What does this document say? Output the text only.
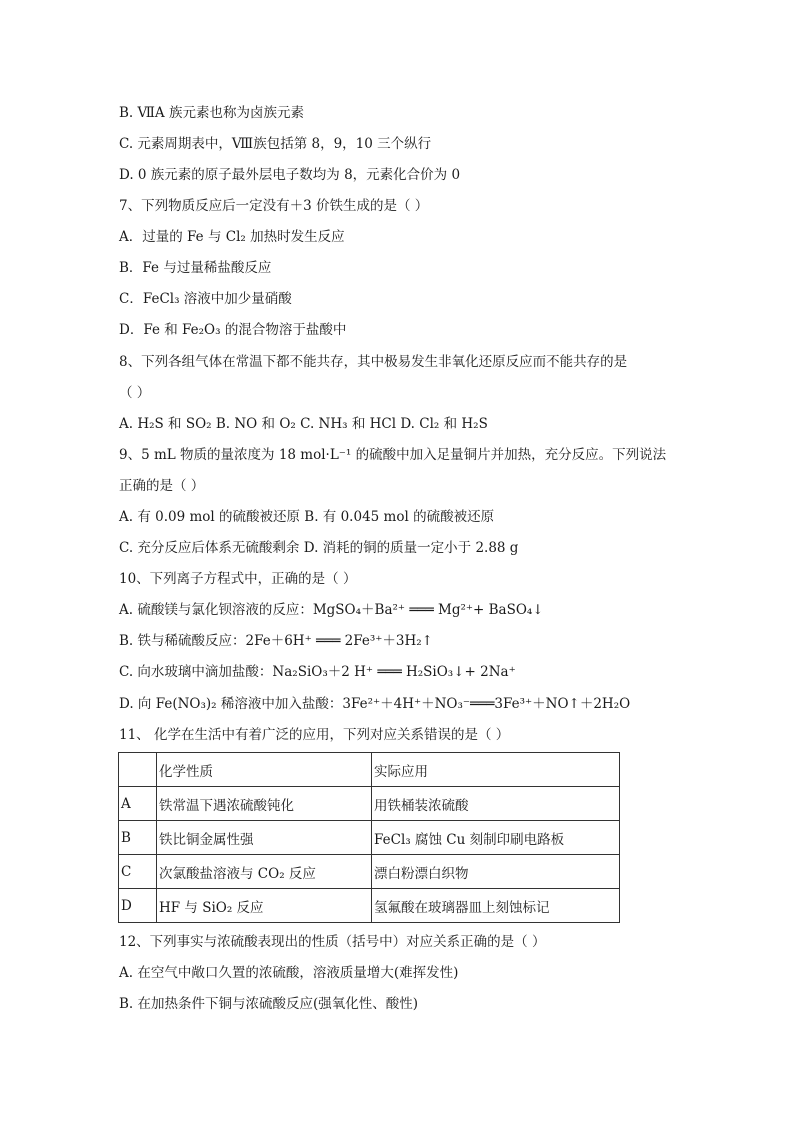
B. ⅦA 族元素也称为卤族元素
C. 元素周期表中，Ⅷ族包括第 8，9，10 三个纵行
D. 0 族元素的原子最外层电子数均为 8，元素化合价为 0
7、下列物质反应后一定没有＋3 价铁生成的是（ ）
A．过量的 Fe 与 Cl₂ 加热时发生反应
B．Fe 与过量稀盐酸反应
C．FeCl₃ 溶液中加少量硝酸
D．Fe 和 Fe₂O₃ 的混合物溶于盐酸中
8、下列各组气体在常温下都不能共存，其中极易发生非氧化还原反应而不能共存的是
（ ）
A. H₂S 和 SO₂ B. NO 和 O₂ C. NH₃ 和 HCl D. Cl₂ 和 H₂S
9、5 mL 物质的量浓度为 18 mol·L⁻¹ 的硫酸中加入足量铜片并加热，充分反应。下列说法
正确的是（ ）
A. 有 0.09 mol 的硫酸被还原 B. 有 0.045 mol 的硫酸被还原
C. 充分反应后体系无硫酸剩余 D. 消耗的铜的质量一定小于 2.88 g
10、下列离子方程式中，正确的是（ ）
A. 硫酸镁与氯化钡溶液的反应：MgSO₄＋Ba²⁺ ═══ Mg²⁺+ BaSO₄↓
B. 铁与稀硫酸反应：2Fe＋6H⁺ ═══ 2Fe³⁺＋3H₂↑
C. 向水玻璃中滴加盐酸：Na₂SiO₃＋2 H⁺ ═══ H₂SiO₃↓+ 2Na⁺
D. 向 Fe(NO₃)₂ 稀溶液中加入盐酸：3Fe²⁺＋4H⁺＋NO₃⁻═══3Fe³⁺＋NO↑＋2H₂O
11、 化学在生活中有着广泛的应用，下列对应关系错误的是（ ）
	化学性质	实际应用
A	铁常温下遇浓硫酸钝化	用铁桶装浓硫酸
B	铁比铜金属性强	FeCl₃ 腐蚀 Cu 刻制印刷电路板
C	次氯酸盐溶液与 CO₂ 反应	漂白粉漂白织物
D	HF 与 SiO₂ 反应	氢氟酸在玻璃器皿上刻蚀标记
12、下列事实与浓硫酸表现出的性质（括号中）对应关系正确的是（ ）
A. 在空气中敞口久置的浓硫酸，溶液质量增大(难挥发性)
B. 在加热条件下铜与浓硫酸反应(强氧化性、酸性)
